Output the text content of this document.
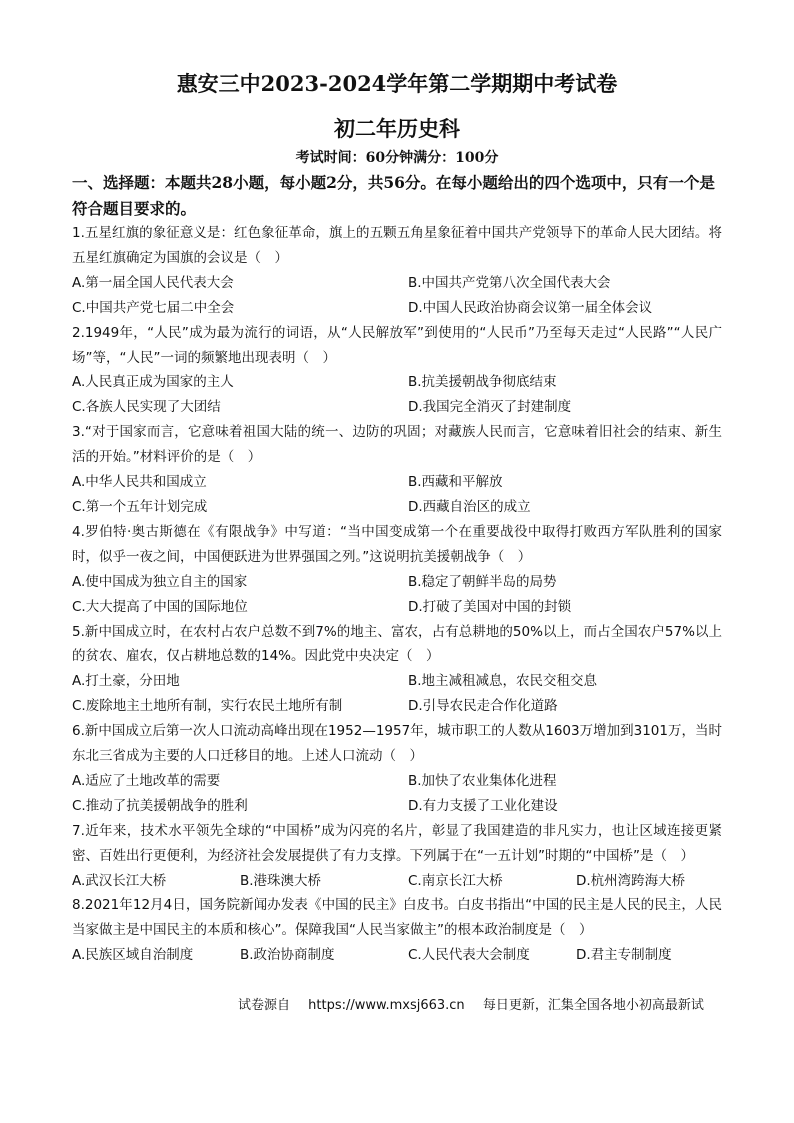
惠安三中2023-2024学年第二学期期中考试卷
初二年历史科
考试时间：60分钟满分：100分
一、选择题：本题共28小题，每小题2分，共56分。在每小题给出的四个选项中，只有一个是符合题目要求的。

1.五星红旗的象征意义是：红色象征革命，旗上的五颗五角星象征着中国共产党领导下的革命人民大团结。将五星红旗确定为国旗的会议是（　）

A.第一届全国人民代表大会	B.中国共产党第八次全国代表大会
C.中国共产党七届二中全会	D.中国人民政治协商会议第一届全体会议

2.1949年，“人民”成为最为流行的词语，从“人民解放军”到使用的“人民币”乃至每天走过“人民路”“人民广场”等，“人民”一词的频繁地出现表明（　）

A.人民真正成为国家的主人	B.抗美援朝战争彻底结束
C.各族人民实现了大团结	D.我国完全消灭了封建制度

3.“对于国家而言，它意味着祖国大陆的统一、边防的巩固；对藏族人民而言，它意味着旧社会的结束、新生活的开始。”材料评价的是（　）

A.中华人民共和国成立	B.西藏和平解放
C.第一个五年计划完成	D.西藏自治区的成立

4.罗伯特·奥古斯德在《有限战争》中写道：“当中国变成第一个在重要战役中取得打败西方军队胜利的国家时，似乎一夜之间，中国便跃进为世界强国之列。”这说明抗美援朝战争（　）

A.使中国成为独立自主的国家	B.稳定了朝鲜半岛的局势
C.大大提高了中国的国际地位	D.打破了美国对中国的封锁

5.新中国成立时，在农村占农户总数不到7%的地主、富农，占有总耕地的50%以上，而占全国农户57%以上的贫农、雇农，仅占耕地总数的14%。因此党中央决定（　）

A.打土豪，分田地	B.地主减租减息，农民交租交息
C.废除地主土地所有制，实行农民土地所有制	D.引导农民走合作化道路

6.新中国成立后第一次人口流动高峰出现在1952—1957年，城市职工的人数从1603万增加到3101万，当时东北三省成为主要的人口迁移目的地。上述人口流动（　）

A.适应了土地改革的需要	B.加快了农业集体化进程
C.推动了抗美援朝战争的胜利	D.有力支援了工业化建设

7.近年来，技术水平领先全球的“中国桥”成为闪亮的名片，彰显了我国建造的非凡实力，也让区域连接更紧密、百姓出行更便利，为经济社会发展提供了有力支撑。下列属于在“一五计划”时期的“中国桥”是（　）

A.武汉长江大桥	B.港珠澳大桥	C.南京长江大桥	D.杭州湾跨海大桥

8.2021年12月4日，国务院新闻办发表《中国的民主》白皮书。白皮书指出“中国的民主是人民的民主，人民当家做主是中国民主的本质和核心”。保障我国“人民当家做主”的根本政治制度是（　）

A.民族区域自治制度	B.政治协商制度	C.人民代表大会制度	D.君主专制制度
试卷源自 https://www.mxsj663.cn 每日更新，汇集全国各地小初高最新试
